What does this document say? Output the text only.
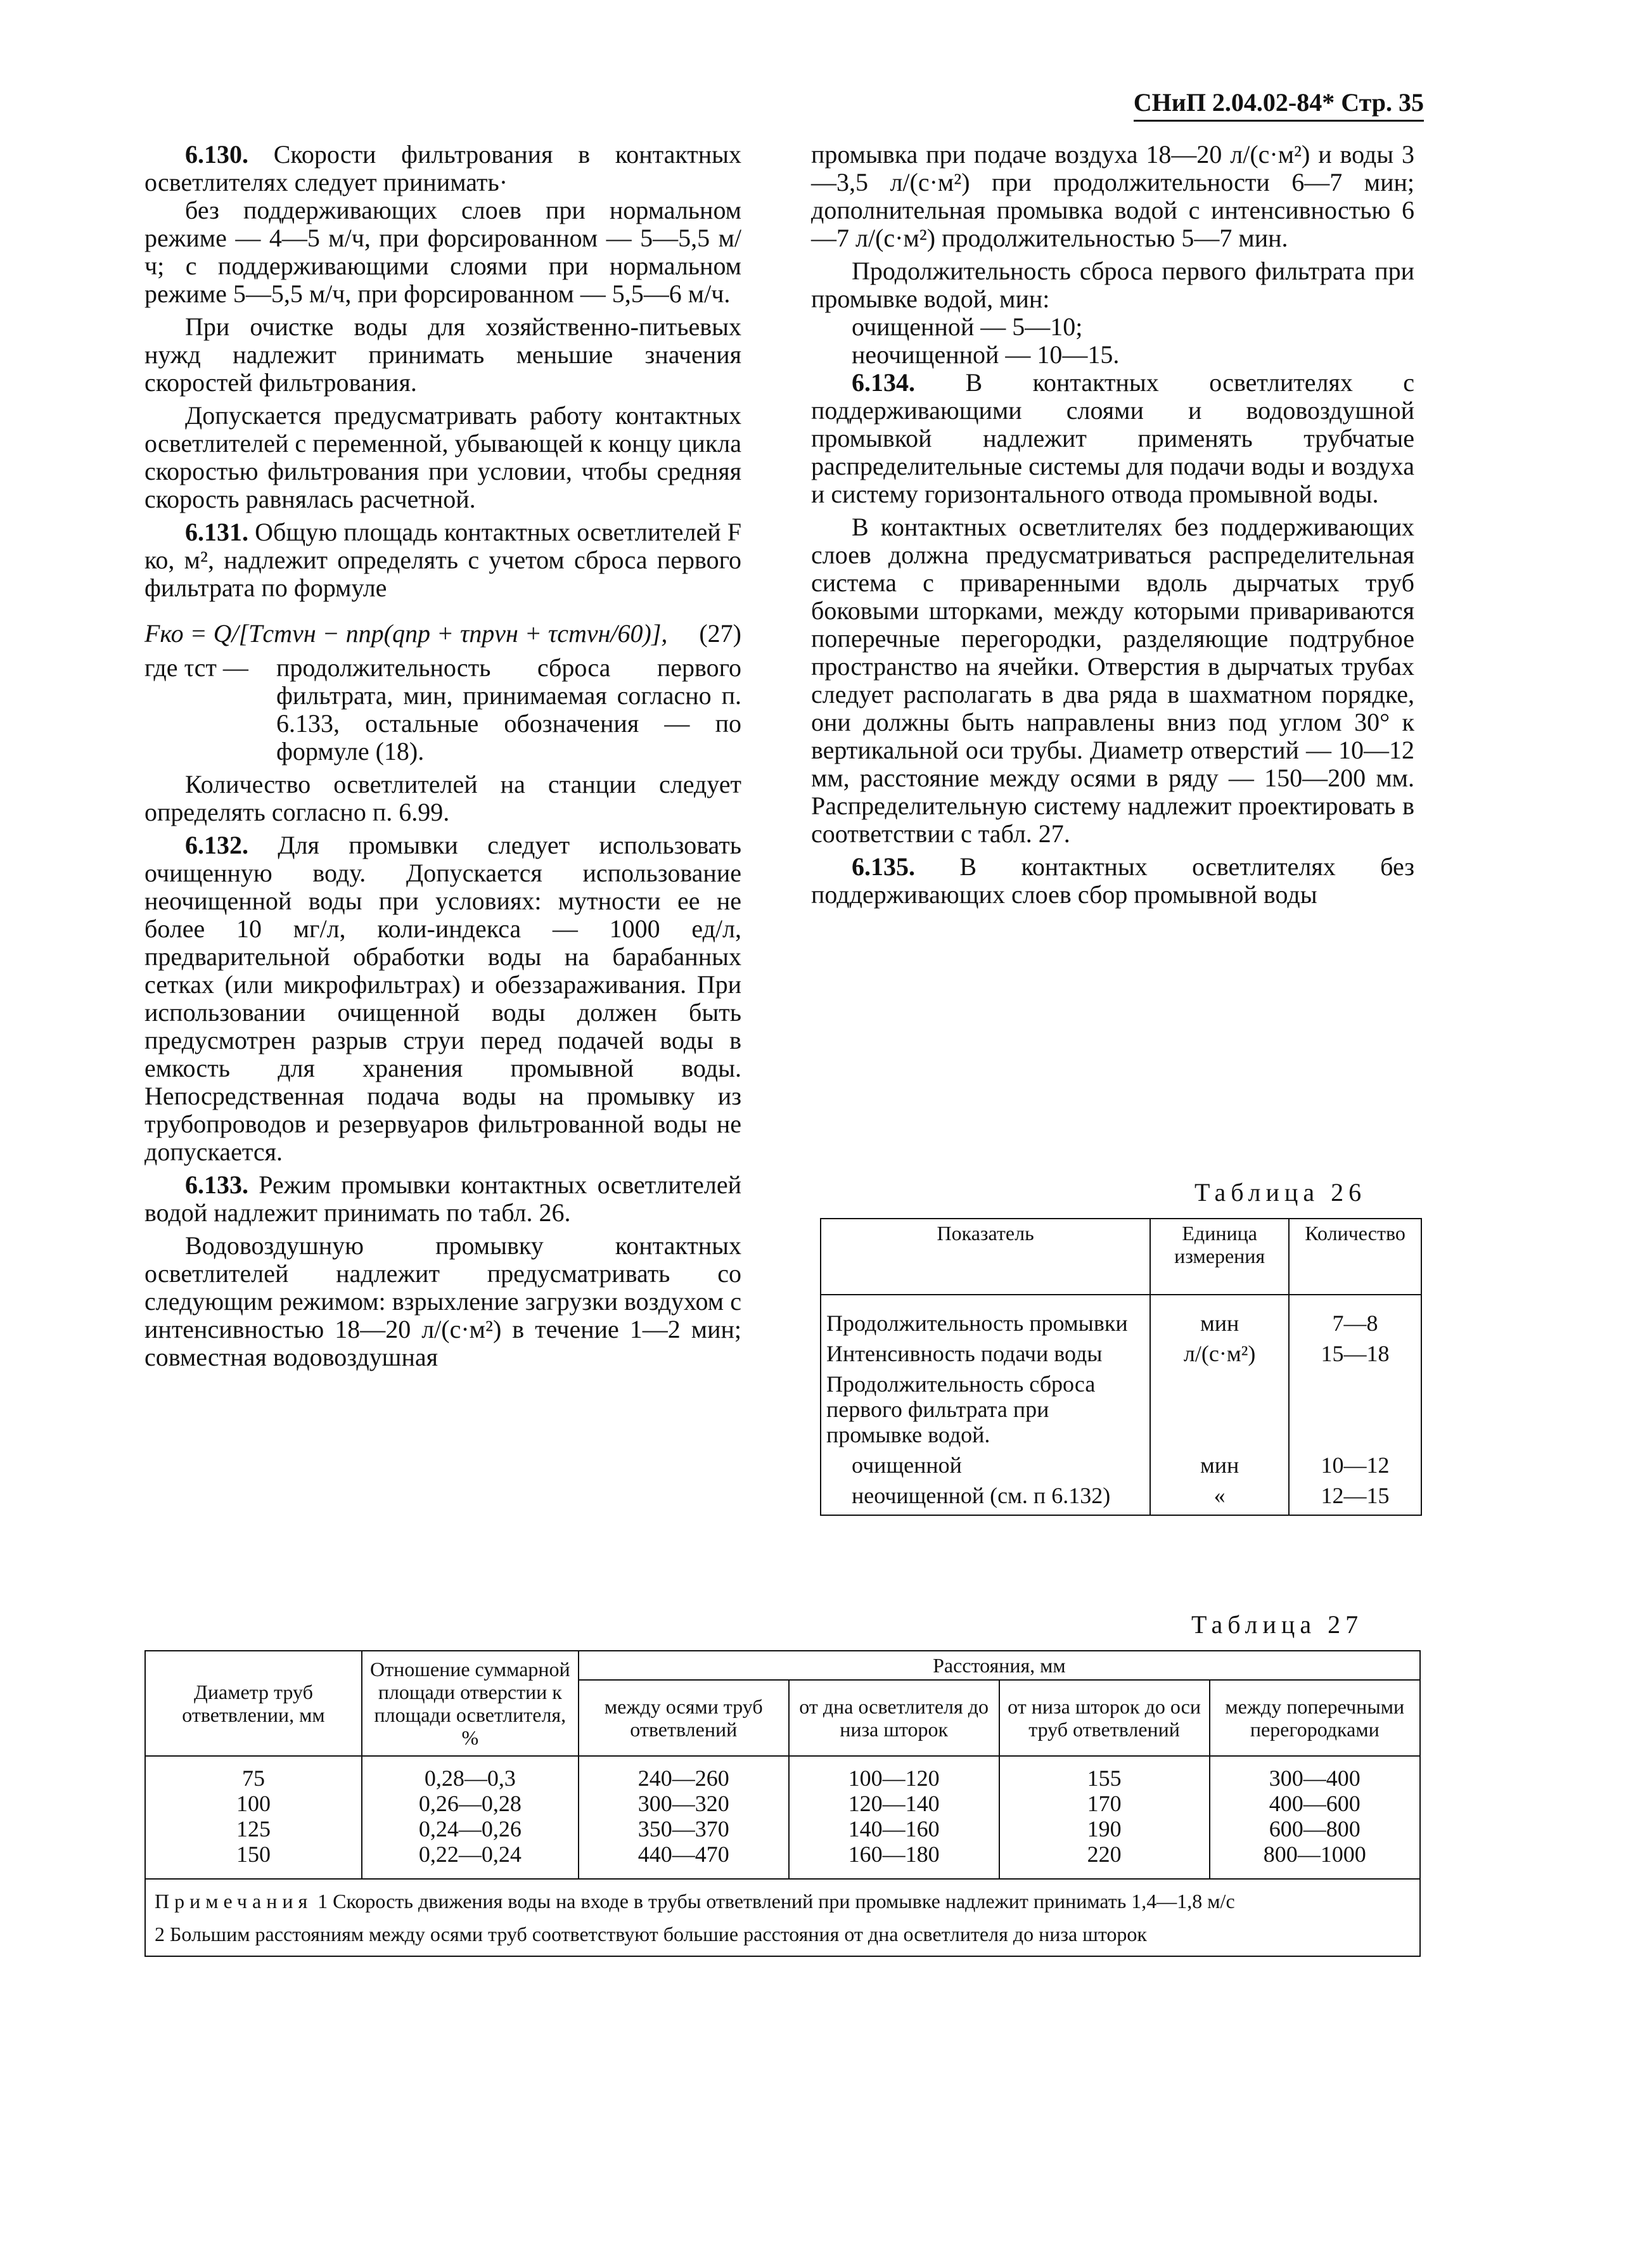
СНиП 2.04.02-84* Стр. 35

6.130. Скорости фильтрования в контактных осветлителях следует принимать·

без поддерживающих слоев при нормальном режиме — 4—5 м/ч, при форсированном — 5—5,5 м/ч; с поддерживающими слоями при нормальном режиме 5—5,5 м/ч, при форсированном — 5,5—6 м/ч.

При очистке воды для хозяйственно-питьевых нужд надлежит принимать меньшие значения скоростей фильтрования.

Допускается предусматривать работу контактных осветлителей с переменной, убывающей к концу цикла скоростью фильтрования при условии, чтобы средняя скорость равнялась расчетной.

6.131. Общую площадь контактных осветлителей F ко, м², надлежит определять с учетом сброса первого фильтрата по формуле

Fко = Q/[Tстvн − nпр(qпр + τпрvн + τстvн/60)], (27)
где τст —	продолжительность сброса первого фильтрата, мин, принимаемая согласно п. 6.133, остальные обозначения — по формуле (18).

Количество осветлителей на станции следует определять согласно п. 6.99.

6.132. Для промывки следует использовать очищенную воду. Допускается использование неочищенной воды при условиях: мутности ее не более 10 мг/л, коли-индекса — 1000 ед/л, предварительной обработки воды на барабанных сетках (или микрофильтрах) и обеззараживания. При использовании очищенной воды должен быть предусмотрен разрыв струи перед подачей воды в емкость для хранения промывной воды. Непосредственная подача воды на промывку из трубопроводов и резервуаров фильтрованной воды не допускается.

6.133. Режим промывки контактных осветлителей водой надлежит принимать по табл. 26.

Водовоздушную промывку контактных осветлителей надлежит предусматривать со следующим режимом: взрыхление загрузки воздухом с интенсивностью 18—20 л/(с·м²) в течение 1—2 мин; совместная водовоздушная

промывка при подаче воздуха 18—20 л/(с·м²) и воды 3—3,5 л/(с·м²) при продолжительности 6—7 мин; дополнительная промывка водой с интенсивностью 6—7 л/(с·м²) продолжительностью 5—7 мин.

Продолжительность сброса первого фильтрата при промывке водой, мин:

очищенной — 5—10;

неочищенной — 10—15.

6.134. В контактных осветлителях с поддерживающими слоями и водовоздушной промывкой надлежит применять трубчатые распределительные системы для подачи воды и воздуха и систему горизонтального отвода промывной воды.

В контактных осветлителях без поддерживающих слоев должна предусматриваться распределительная система с приваренными вдоль дырчатых труб боковыми шторками, между которыми привариваются поперечные перегородки, разделяющие подтрубное пространство на ячейки. Отверстия в дырчатых трубах следует располагать в два ряда в шахматном порядке, они должны быть направлены вниз под углом 30° к вертикальной оси трубы. Диаметр отверстий — 10—12 мм, расстояние между осями в ряду — 150—200 мм. Распределительную систему надлежит проектировать в соответствии с табл. 27.

6.135. В контактных осветлителях без поддерживающих слоев сбор промывной воды

Таблица 26
Показатель	Единица измерения	Количество
Продолжительность промывки	мин	7—8
Интенсивность подачи воды	л/(с·м²)	15—18
Продолжительность сброса первого фильтрата при промывке водой.		
очищенной	мин	10—12
неочищенной (см. п 6.132)	«	12—15
Таблица 27
Диаметр труб ответвлении, мм	Отношение суммарной площади отверстии к площади осветлителя, %	Расстояния, мм			
		между осями труб ответвлений	от дна осветлителя до низа шторок	от низа шторок до оси труб ответвлений	между поперечными перегородками
75	0,28—0,3	240—260	100—120	155	300—400
100	0,26—0,28	300—320	120—140	170	400—600
125	0,24—0,26	350—370	140—160	190	600—800
150	0,22—0,24	440—470	160—180	220	800—1000
Примечания 1 Скорость движения воды на входе в трубы ответвлений при промывке надлежит принимать 1,4—1,8 м/с
2 Большим расстояниям между осями труб соответствуют большие расстояния от дна осветлителя до низа шторок					
